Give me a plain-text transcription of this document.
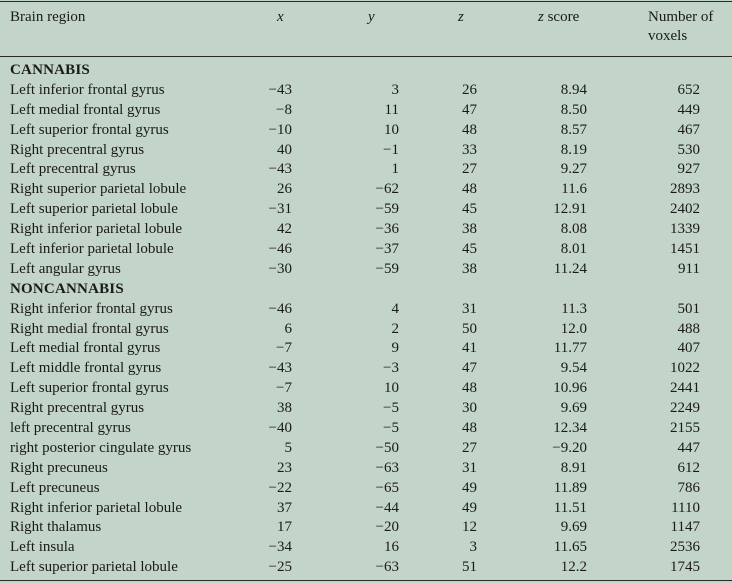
Brain region	x	y	z	z score	Number of
voxels
CANNABIS
Left inferior frontal gyrus	−43	3	26	8.94	652
Left medial frontal gyrus	−8	11	47	8.50	449
Left superior frontal gyrus	−10	10	48	8.57	467
Right precentral gyrus	40	−1	33	8.19	530
Left precentral gyrus	−43	1	27	9.27	927
Right superior parietal lobule	26	−62	48	11.6	2893
Left superior parietal lobule	−31	−59	45	12.91	2402
Right inferior parietal lobule	42	−36	38	8.08	1339
Left inferior parietal lobule	−46	−37	45	8.01	1451
Left angular gyrus	−30	−59	38	11.24	911
NONCANNABIS
Right inferior frontal gyrus	−46	4	31	11.3	501
Right medial frontal gyrus	6	2	50	12.0	488
Left medial frontal gyrus	−7	9	41	11.77	407
Left middle frontal gyrus	−43	−3	47	9.54	1022
Left superior frontal gyrus	−7	10	48	10.96	2441
Right precentral gyrus	38	−5	30	9.69	2249
left precentral gyrus	−40	−5	48	12.34	2155
right posterior cingulate gyrus	5	−50	27	−9.20	447
Right precuneus	23	−63	31	8.91	612
Left precuneus	−22	−65	49	11.89	786
Right inferior parietal lobule	37	−44	49	11.51	1110
Right thalamus	17	−20	12	9.69	1147
Left insula	−34	16	3	11.65	2536
Left superior parietal lobule	−25	−63	51	12.2	1745
